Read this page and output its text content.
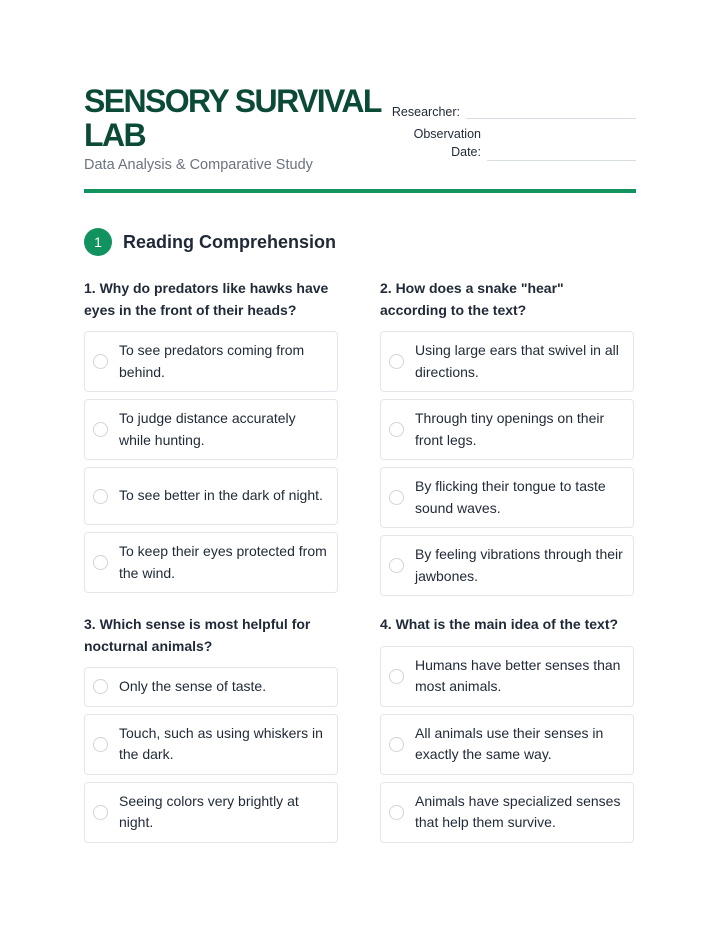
SENSORY SURVIVAL LAB

Data Analysis & Comparative Study

Researcher:
Observation Date:
1	Reading Comprehension

1. Why do predators like hawks have eyes in the front of their heads?

To see predators coming from behind.
To judge distance accurately while hunting.
To see better in the dark of night.
To keep their eyes protected from the wind.

2. How does a snake "hear" according to the text?

Using large ears that swivel in all directions.
Through tiny openings on their front legs.
By flicking their tongue to taste sound waves.
By feeling vibrations through their jawbones.

3. Which sense is most helpful for nocturnal animals?

Only the sense of taste.
Touch, such as using whiskers in the dark.
Seeing colors very brightly at night.

4. What is the main idea of the text?

Humans have better senses than most animals.
All animals use their senses in exactly the same way.
Animals have specialized senses that help them survive.
